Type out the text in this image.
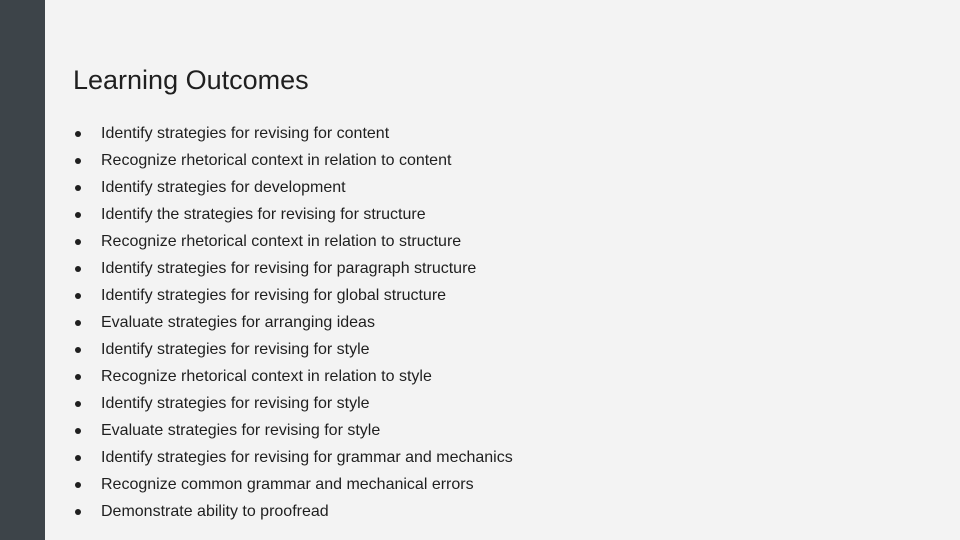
Learning Outcomes
Identify strategies for revising for content
Recognize rhetorical context in relation to content
Identify strategies for development
Identify the strategies for revising for structure
Recognize rhetorical context in relation to structure
Identify strategies for revising for paragraph structure
Identify strategies for revising for global structure
Evaluate strategies for arranging ideas
Identify strategies for revising for style
Recognize rhetorical context in relation to style
Identify strategies for revising for style
Evaluate strategies for revising for style
Identify strategies for revising for grammar and mechanics
Recognize common grammar and mechanical errors
Demonstrate ability to proofread
